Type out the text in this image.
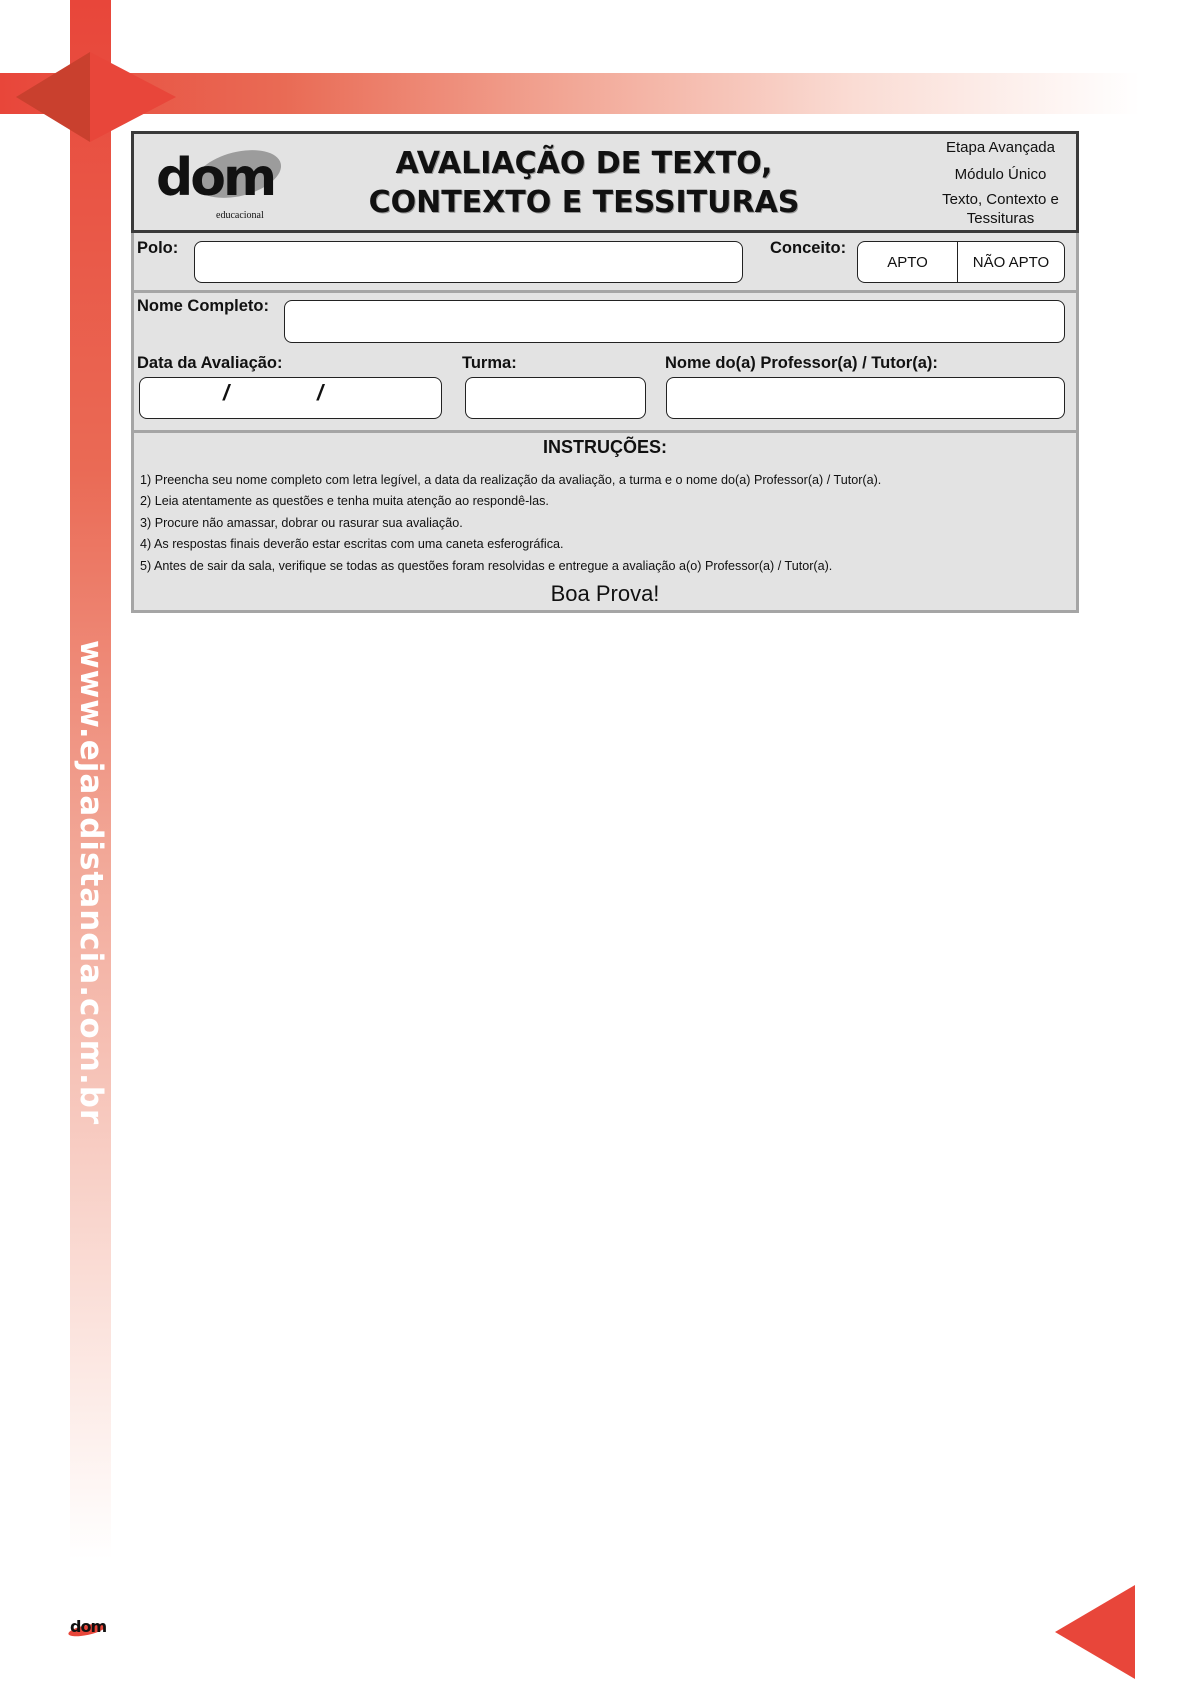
www.ejaadistancia.com.br
dom
dom
educacional
AVALIAÇÃO DE TEXTO,
CONTEXTO E TESSITURAS
Etapa Avançada
Módulo Único
Texto, Contexto e Tessituras
Polo:	Conceito:
APTO	NÃO APTO
Nome Completo:
Data da Avaliação:
/	/
Turma:	Nome do(a) Professor(a) / Tutor(a):
INSTRUÇÕES:
1) Preencha seu nome completo com letra legível, a data da realização da avaliação, a turma e o nome do(a) Professor(a) / Tutor(a).
2) Leia atentamente as questões e tenha muita atenção ao respondê-las.
3) Procure não amassar, dobrar ou rasurar sua avaliação.
4) As respostas finais deverão estar escritas com uma caneta esferográfica.
5) Antes de sair da sala, verifique se todas as questões foram resolvidas e entregue a avaliação a(o) Professor(a) / Tutor(a).
Boa Prova!
